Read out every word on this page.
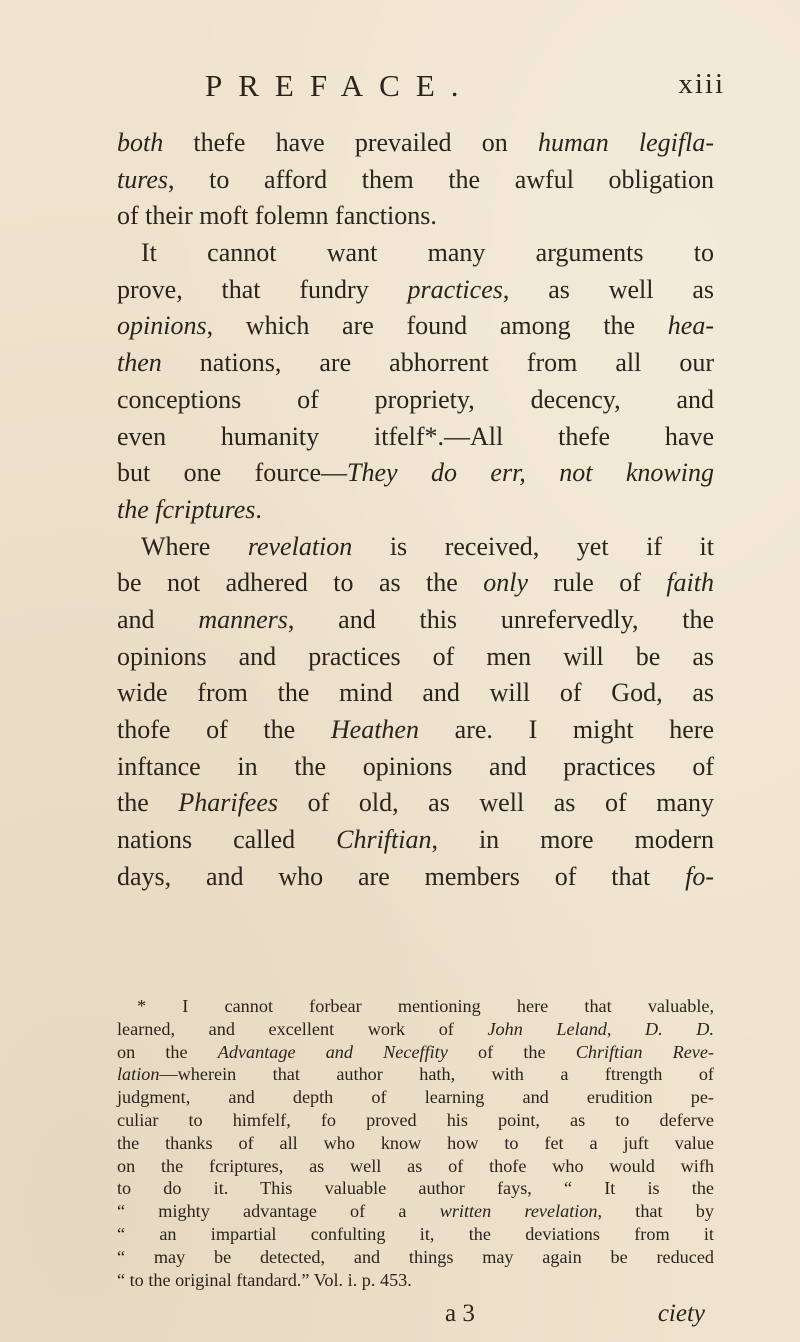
PREFACE.	xiii
both thefe have prevailed on human legifla-
tures, to afford them the awful obligation
of their moft folemn fanctions.
It cannot want many arguments to
prove, that fundry practices, as well as
opinions, which are found among the hea-
then nations, are abhorrent from all our
conceptions of propriety, decency, and
even humanity itfelf*.—All thefe have
but one fource—They do err, not knowing
the fcriptures.
Where revelation is received, yet if it
be not adhered to as the only rule of faith
and manners, and this unrefervedly, the
opinions and practices of men will be as
wide from the mind and will of God, as
thofe of the Heathen are. I might here
inftance in the opinions and practices of
the Pharifees of old, as well as of many
nations called Chriftian, in more modern
days, and who are members of that fo-
* I cannot forbear mentioning here that valuable,
learned, and excellent work of John Leland, D. D.
on the Advantage and Neceffity of the Chriftian Reve-
lation—wherein that author hath, with a ftrength of
judgment, and depth of learning and erudition pe-
culiar to himfelf, fo proved his point, as to deferve
the thanks of all who know how to fet a juft value
on the fcriptures, as well as of thofe who would wifh
to do it. This valuable author fays, “ It is the
“ mighty advantage of a written revelation, that by
“ an impartial confulting it, the deviations from it
“ may be detected, and things may again be reduced
“ to the original ftandard.” Vol. i. p. 453.
a 3	ciety
